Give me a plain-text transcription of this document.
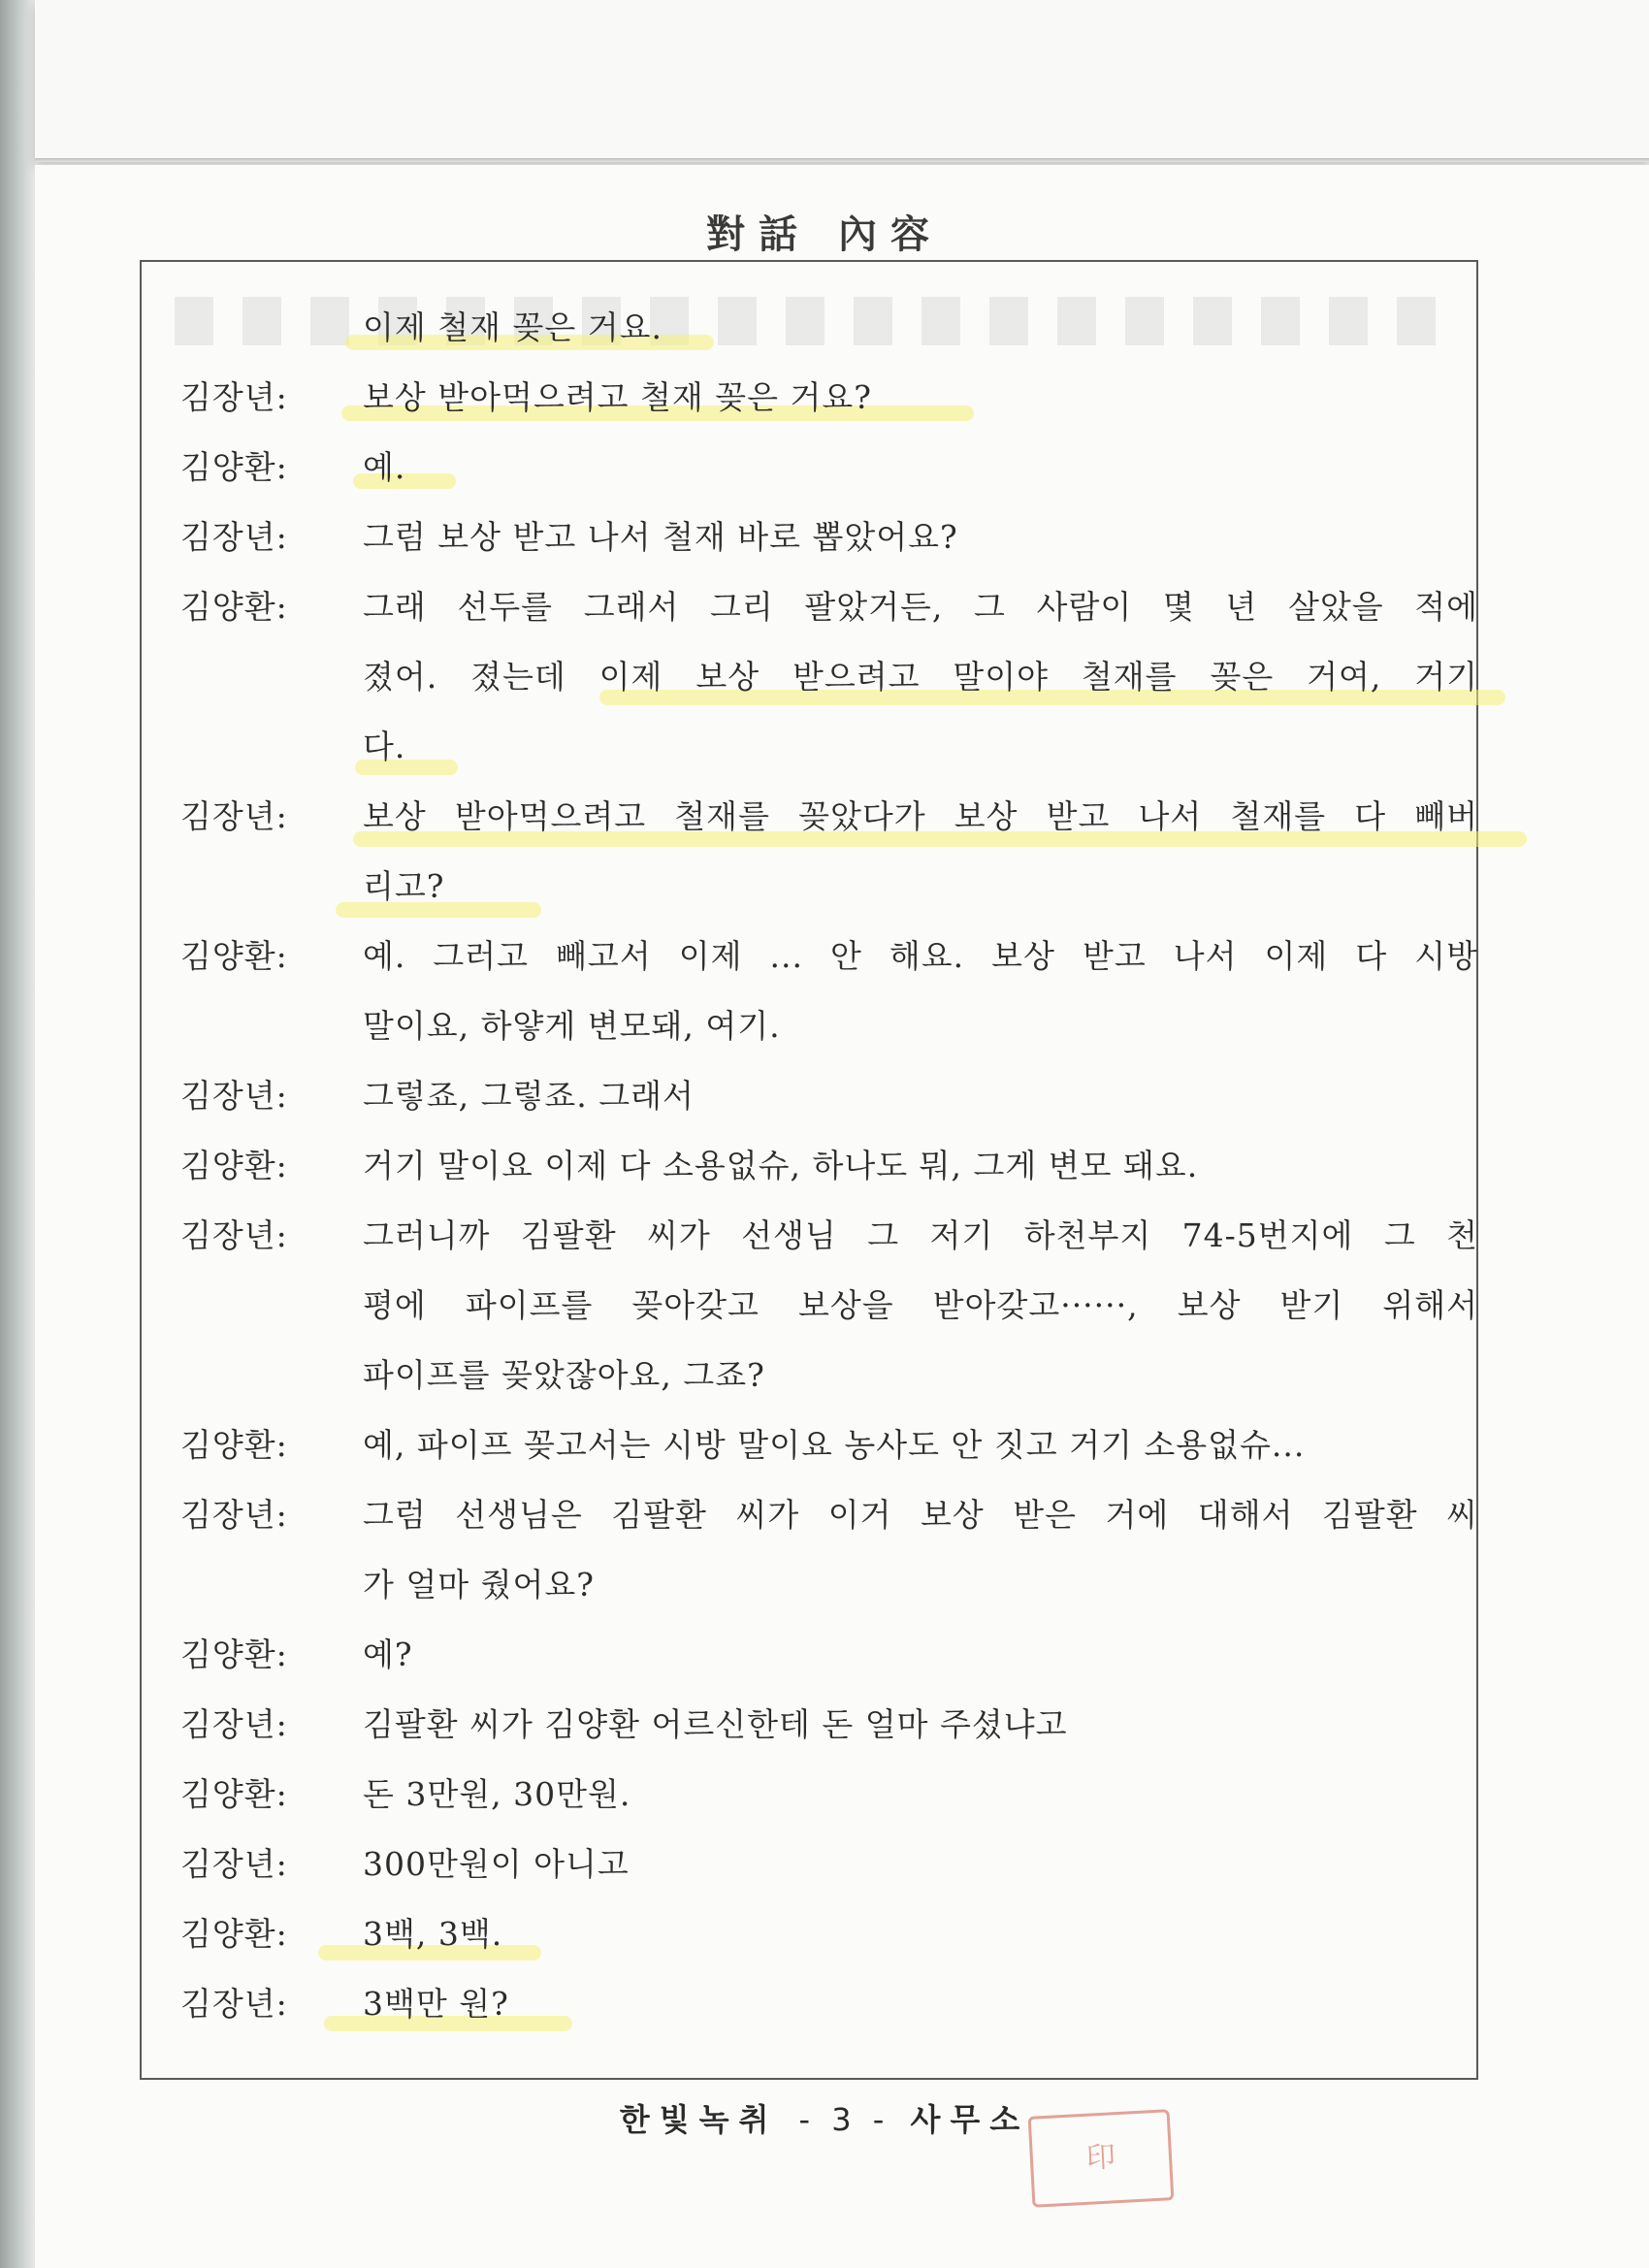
對話 內容
이제 철재 꽂은 거요.
김장년: 보상 받아먹으려고 철재 꽂은 거요?
김양환: 예.
김장년: 그럼 보상 받고 나서 철재 바로 뽑았어요?
김양환: 그래 선두를 그래서 그리 팔았거든, 그 사람이 몇 년 살았을 적에
졌어. 졌는데 이제 보상 받으려고 말이야 철재를 꽂은 거여, 거기
다.
김장년: 보상 받아먹으려고 철재를 꽂았다가 보상 받고 나서 철재를 다 빼버
리고?
김양환: 예. 그러고 빼고서 이제 ... 안 해요. 보상 받고 나서 이제 다 시방
말이요, 하얗게 변모돼, 여기.
김장년: 그렇죠, 그렇죠. 그래서
김양환: 거기 말이요 이제 다 소용없슈, 하나도 뭐, 그게 변모 돼요.
김장년: 그러니까 김팔환 씨가 선생님 그 저기 하천부지 74-5번지에 그 천
평에 파이프를 꽂아갖고 보상을 받아갖고······, 보상 받기 위해서
파이프를 꽂았잖아요, 그죠?
김양환: 예, 파이프 꽂고서는 시방 말이요 농사도 안 짓고 거기 소용없슈...
김장년: 그럼 선생님은 김팔환 씨가 이거 보상 받은 거에 대해서 김팔환 씨
가 얼마 줬어요?
김양환: 예?
김장년: 김팔환 씨가 김양환 어르신한테 돈 얼마 주셨냐고
김양환: 돈 3만원, 30만원.
김장년: 300만원이 아니고
김양환: 3백, 3백.
김장년: 3백만 원?
한빛녹취 - 3 - 사무소
印
